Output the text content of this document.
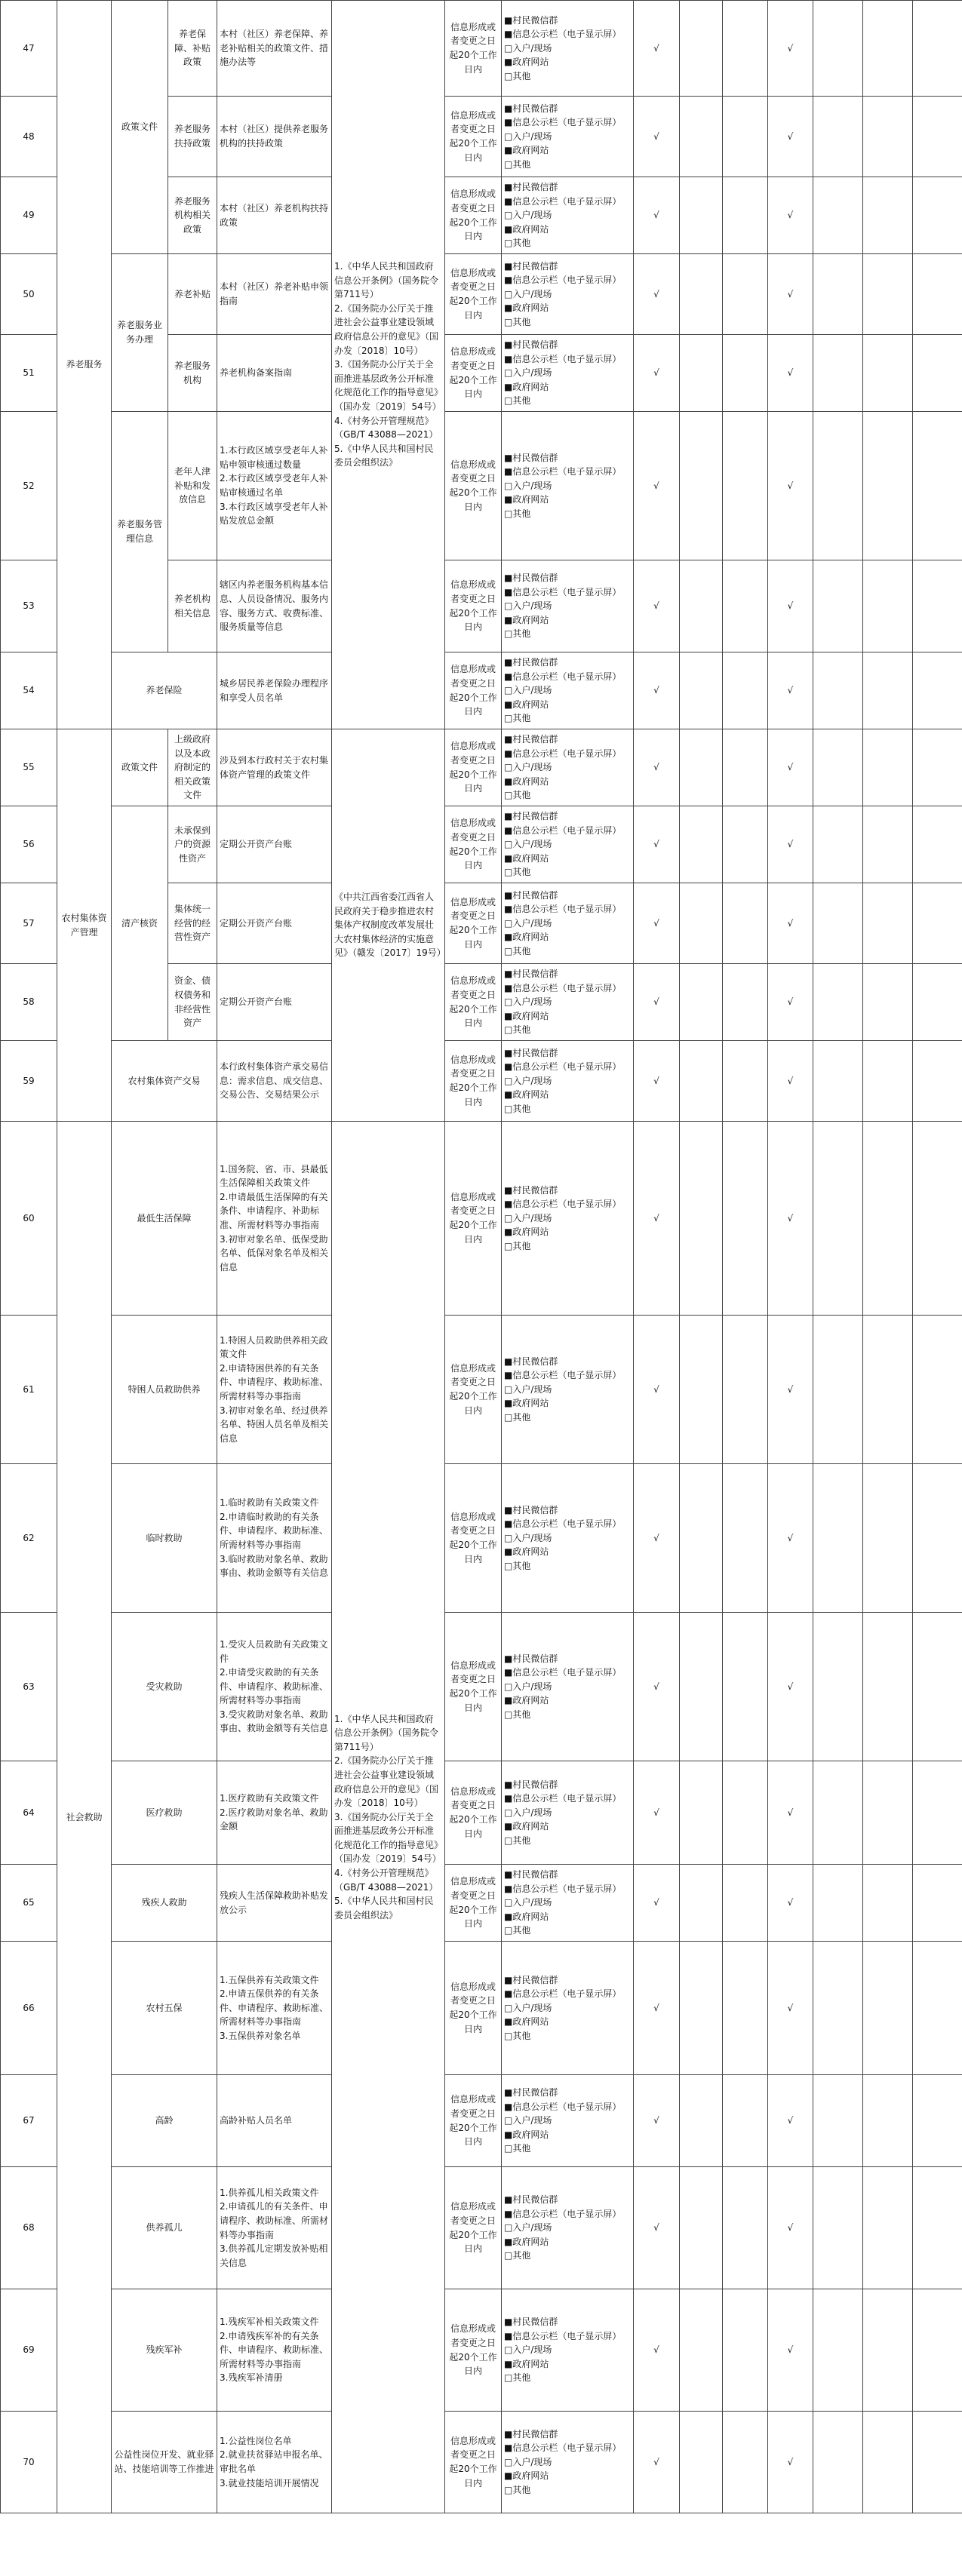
47	养老服务	政策文件	养老保障、补贴政策	本村（社区）养老保障、养老补贴相关的政策文件、措施办法等	1.《中华人民共和国政府信息公开条例》（国务院令第711号）
2.《国务院办公厅关于推进社会公益事业建设领域政府信息公开的意见》（国办发〔2018〕10号）
3.《国务院办公厅关于全面推进基层政务公开标准化规范化工作的指导意见》（国办发〔2019〕54号）
4.《村务公开管理规范》（GB/T 43088—2021）
5.《中华人民共和国村民委员会组织法》	信息形成或者变更之日起20个工作日内	■村民微信群
■信息公示栏（电子显示屏）
□入户/现场
■政府网站
□其他	√			√			
48			养老服务扶持政策	本村（社区）提供养老服务机构的扶持政策		信息形成或者变更之日起20个工作日内	■村民微信群
■信息公示栏（电子显示屏）
□入户/现场
■政府网站
□其他	√			√			
49			养老服务机构相关政策	本村（社区）养老机构扶持政策		信息形成或者变更之日起20个工作日内	■村民微信群
■信息公示栏（电子显示屏）
□入户/现场
■政府网站
□其他	√			√			
50		养老服务业务办理	养老补贴	本村（社区）养老补贴申领指南		信息形成或者变更之日起20个工作日内	■村民微信群
■信息公示栏（电子显示屏）
□入户/现场
■政府网站
□其他	√			√			
51			养老服务机构	养老机构备案指南		信息形成或者变更之日起20个工作日内	■村民微信群
■信息公示栏（电子显示屏）
□入户/现场
■政府网站
□其他	√			√			
52		养老服务管理信息	老年人津补贴和发放信息	1.本行政区域享受老年人补贴申领审核通过数量
2.本行政区域享受老年人补贴审核通过名单
3.本行政区域享受老年人补贴发放总金额		信息形成或者变更之日起20个工作日内	■村民微信群
■信息公示栏（电子显示屏）
□入户/现场
■政府网站
□其他	√			√			
53			养老机构相关信息	辖区内养老服务机构基本信息、人员设备情况、服务内容、服务方式、收费标准、服务质量等信息		信息形成或者变更之日起20个工作日内	■村民微信群
■信息公示栏（电子显示屏）
□入户/现场
■政府网站
□其他	√			√			
54		养老保险		城乡居民养老保险办理程序和享受人员名单		信息形成或者变更之日起20个工作日内	■村民微信群
■信息公示栏（电子显示屏）
□入户/现场
■政府网站
□其他	√			√			
55	农村集体资产管理	政策文件	上级政府以及本政府制定的相关政策文件	涉及到本行政村关于农村集体资产管理的政策文件	《中共江西省委江西省人民政府关于稳步推进农村集体产权制度改革发展壮大农村集体经济的实施意见》（赣发〔2017〕19号）	信息形成或者变更之日起20个工作日内	■村民微信群
■信息公示栏（电子显示屏）
□入户/现场
■政府网站
□其他	√			√			
56		清产核资	未承保到户的资源性资产	定期公开资产台账		信息形成或者变更之日起20个工作日内	■村民微信群
■信息公示栏（电子显示屏）
□入户/现场
■政府网站
□其他	√			√			
57			集体统一经营的经营性资产	定期公开资产台账		信息形成或者变更之日起20个工作日内	■村民微信群
■信息公示栏（电子显示屏）
□入户/现场
■政府网站
□其他	√			√			
58			资金、债权债务和非经营性资产	定期公开资产台账		信息形成或者变更之日起20个工作日内	■村民微信群
■信息公示栏（电子显示屏）
□入户/现场
■政府网站
□其他	√			√			
59		农村集体资产交易		本行政村集体资产承交易信息：需求信息、成交信息、交易公告、交易结果公示		信息形成或者变更之日起20个工作日内	■村民微信群
■信息公示栏（电子显示屏）
□入户/现场
■政府网站
□其他	√			√			
60	社会救助	最低生活保障		1.国务院、省、市、县最低生活保障相关政策文件
2.申请最低生活保障的有关条件、申请程序、补助标准、所需材料等办事指南
3.初审对象名单、低保受助名单、低保对象名单及相关信息	1.《中华人民共和国政府信息公开条例》（国务院令第711号）
2.《国务院办公厅关于推进社会公益事业建设领域政府信息公开的意见》（国办发〔2018〕10号）
3.《国务院办公厅关于全面推进基层政务公开标准化规范化工作的指导意见》（国办发〔2019〕54号）
4.《村务公开管理规范》（GB/T 43088—2021）
5.《中华人民共和国村民委员会组织法》	信息形成或者变更之日起20个工作日内	■村民微信群
■信息公示栏（电子显示屏）
□入户/现场
■政府网站
□其他	√			√			
61		特困人员救助供养		1.特困人员救助供养相关政策文件
2.申请特困供养的有关条件、申请程序、救助标准、所需材料等办事指南
3.初审对象名单、经过供养名单、特困人员名单及相关信息		信息形成或者变更之日起20个工作日内	■村民微信群
■信息公示栏（电子显示屏）
□入户/现场
■政府网站
□其他	√			√			
62		临时救助		1.临时救助有关政策文件
2.申请临时救助的有关条件、申请程序、救助标准、所需材料等办事指南
3.临时救助对象名单、救助事由、救助金额等有关信息		信息形成或者变更之日起20个工作日内	■村民微信群
■信息公示栏（电子显示屏）
□入户/现场
■政府网站
□其他	√			√			
63		受灾救助		1.受灾人员救助有关政策文件
2.申请受灾救助的有关条件、申请程序、救助标准、所需材料等办事指南
3.受灾救助对象名单、救助事由、救助金额等有关信息		信息形成或者变更之日起20个工作日内	■村民微信群
■信息公示栏（电子显示屏）
□入户/现场
■政府网站
□其他	√			√			
64		医疗救助		1.医疗救助有关政策文件
2.医疗救助对象名单、救助金额		信息形成或者变更之日起20个工作日内	■村民微信群
■信息公示栏（电子显示屏）
□入户/现场
■政府网站
□其他	√			√			
65		残疾人救助		残疾人生活保障救助补贴发放公示		信息形成或者变更之日起20个工作日内	■村民微信群
■信息公示栏（电子显示屏）
□入户/现场
■政府网站
□其他	√			√			
66		农村五保		1.五保供养有关政策文件
2.申请五保供养的有关条件、申请程序、救助标准、所需材料等办事指南
3.五保供养对象名单		信息形成或者变更之日起20个工作日内	■村民微信群
■信息公示栏（电子显示屏）
□入户/现场
■政府网站
□其他	√			√			
67		高龄		高龄补贴人员名单		信息形成或者变更之日起20个工作日内	■村民微信群
■信息公示栏（电子显示屏）
□入户/现场
■政府网站
□其他	√			√			
68		供养孤儿		1.供养孤儿相关政策文件
2.申请孤儿的有关条件、申请程序、救助标准、所需材料等办事指南
3.供养孤儿定期发放补贴相关信息		信息形成或者变更之日起20个工作日内	■村民微信群
■信息公示栏（电子显示屏）
□入户/现场
■政府网站
□其他	√			√			
69		残疾军补		1.残疾军补相关政策文件
2.申请残疾军补的有关条件、申请程序、救助标准、所需材料等办事指南
3.残疾军补清册		信息形成或者变更之日起20个工作日内	■村民微信群
■信息公示栏（电子显示屏）
□入户/现场
■政府网站
□其他	√			√			
70		公益性岗位开发、就业驿站、技能培训等工作推进		1.公益性岗位名单
2.就业扶贫驿站申报名单、审批名单
3.就业技能培训开展情况		信息形成或者变更之日起20个工作日内	■村民微信群
■信息公示栏（电子显示屏）
□入户/现场
■政府网站
□其他	√			√			
